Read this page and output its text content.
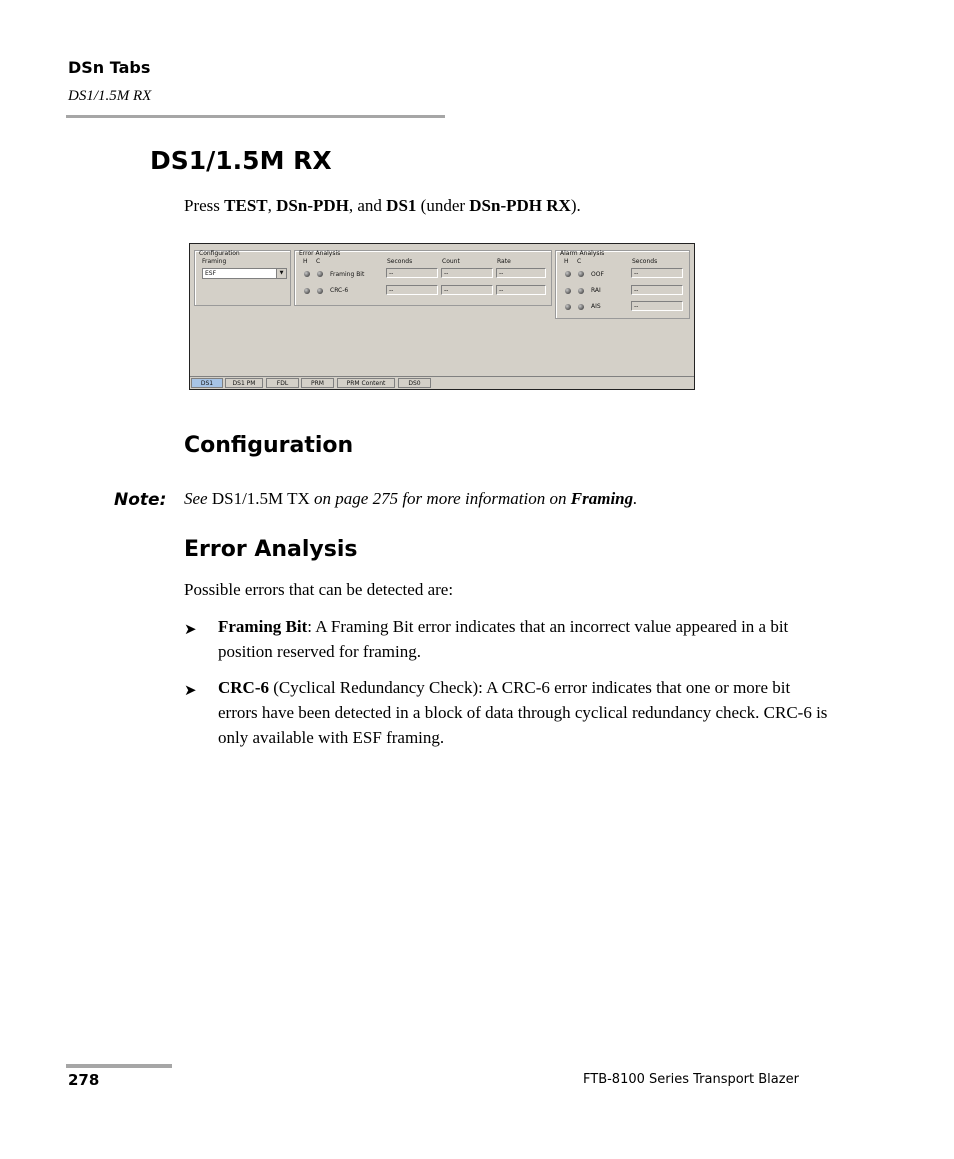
DSn Tabs
DS1/1.5M RX
DS1/1.5M RX
Press TEST, DSn-PDH, and DS1 (under DSn-PDH RX).
Configuration
Framing
ESF	▼
Error Analysis
H C	Seconds	Count	Rate
Framing Bit	--	--	--
CRC-6	--	--	--
Alarm Analysis
H C	Seconds
OOF	--
RAI	--
AIS	--
DS1	DS1 PM	FDL	PRM	PRM Content	DS0
Configuration
Note: See DS1/1.5M TX on page 275 for more information on Framing.
Error Analysis
Possible errors that can be detected are:
➤ Framing Bit: A Framing Bit error indicates that an incorrect value appeared in a bit position reserved for framing.
➤ CRC-6 (Cyclical Redundancy Check): A CRC-6 error indicates that one or more bit errors have been detected in a block of data through cyclical redundancy check. CRC-6 is only available with ESF framing.
278	FTB-8100 Series Transport Blazer
